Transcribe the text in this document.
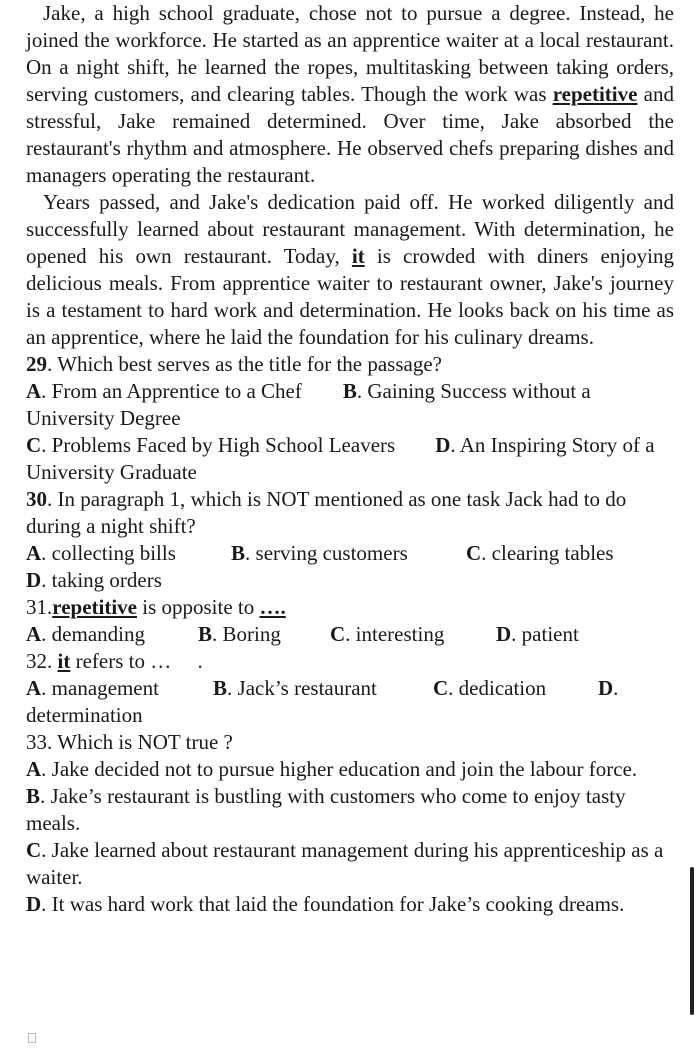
Jake, a high school graduate, chose not to pursue a degree. Instead, he joined the workforce. He started as an apprentice waiter at a local restaurant. On a night shift, he learned the ropes, multitasking between taking orders, serving customers, and clearing tables. Though the work was repetitive and stressful, Jake remained determined. Over time, Jake absorbed the restaurant's rhythm and atmosphere. He observed chefs preparing dishes and managers operating the restaurant.

Years passed, and Jake's dedication paid off. He worked diligently and successfully learned about restaurant management. With determination, he opened his own restaurant. Today, it is crowded with diners enjoying delicious meals. From apprentice waiter to restaurant owner, Jake's journey is a testament to hard work and determination. He looks back on his time as an apprentice, where he laid the foundation for his culinary dreams.

29. Which best serves as the title for the passage?

A. From an Apprentice to a Chef B. Gaining Success without a University Degree

C. Problems Faced by High School Leavers D. An Inspiring Story of a University Graduate

30. In paragraph 1, which is NOT mentioned as one task Jack had to do during a night shift?

A. collecting bills	B. serving customers	C. clearing tables

D. taking orders

31.repetitive is opposite to ….

A. demanding	B. Boring C. interesting D. patient

32. it refers to …     .

A. management	B. Jack’s restaurant	C. dedication D. determination

33. Which is NOT true ?

A. Jake decided not to pursue higher education and join the labour force.

B. Jake’s restaurant is bustling with customers who come to enjoy tasty meals.

C. Jake learned about restaurant management during his apprenticeship as a waiter.

D. It was hard work that laid the foundation for Jake’s cooking dreams.
